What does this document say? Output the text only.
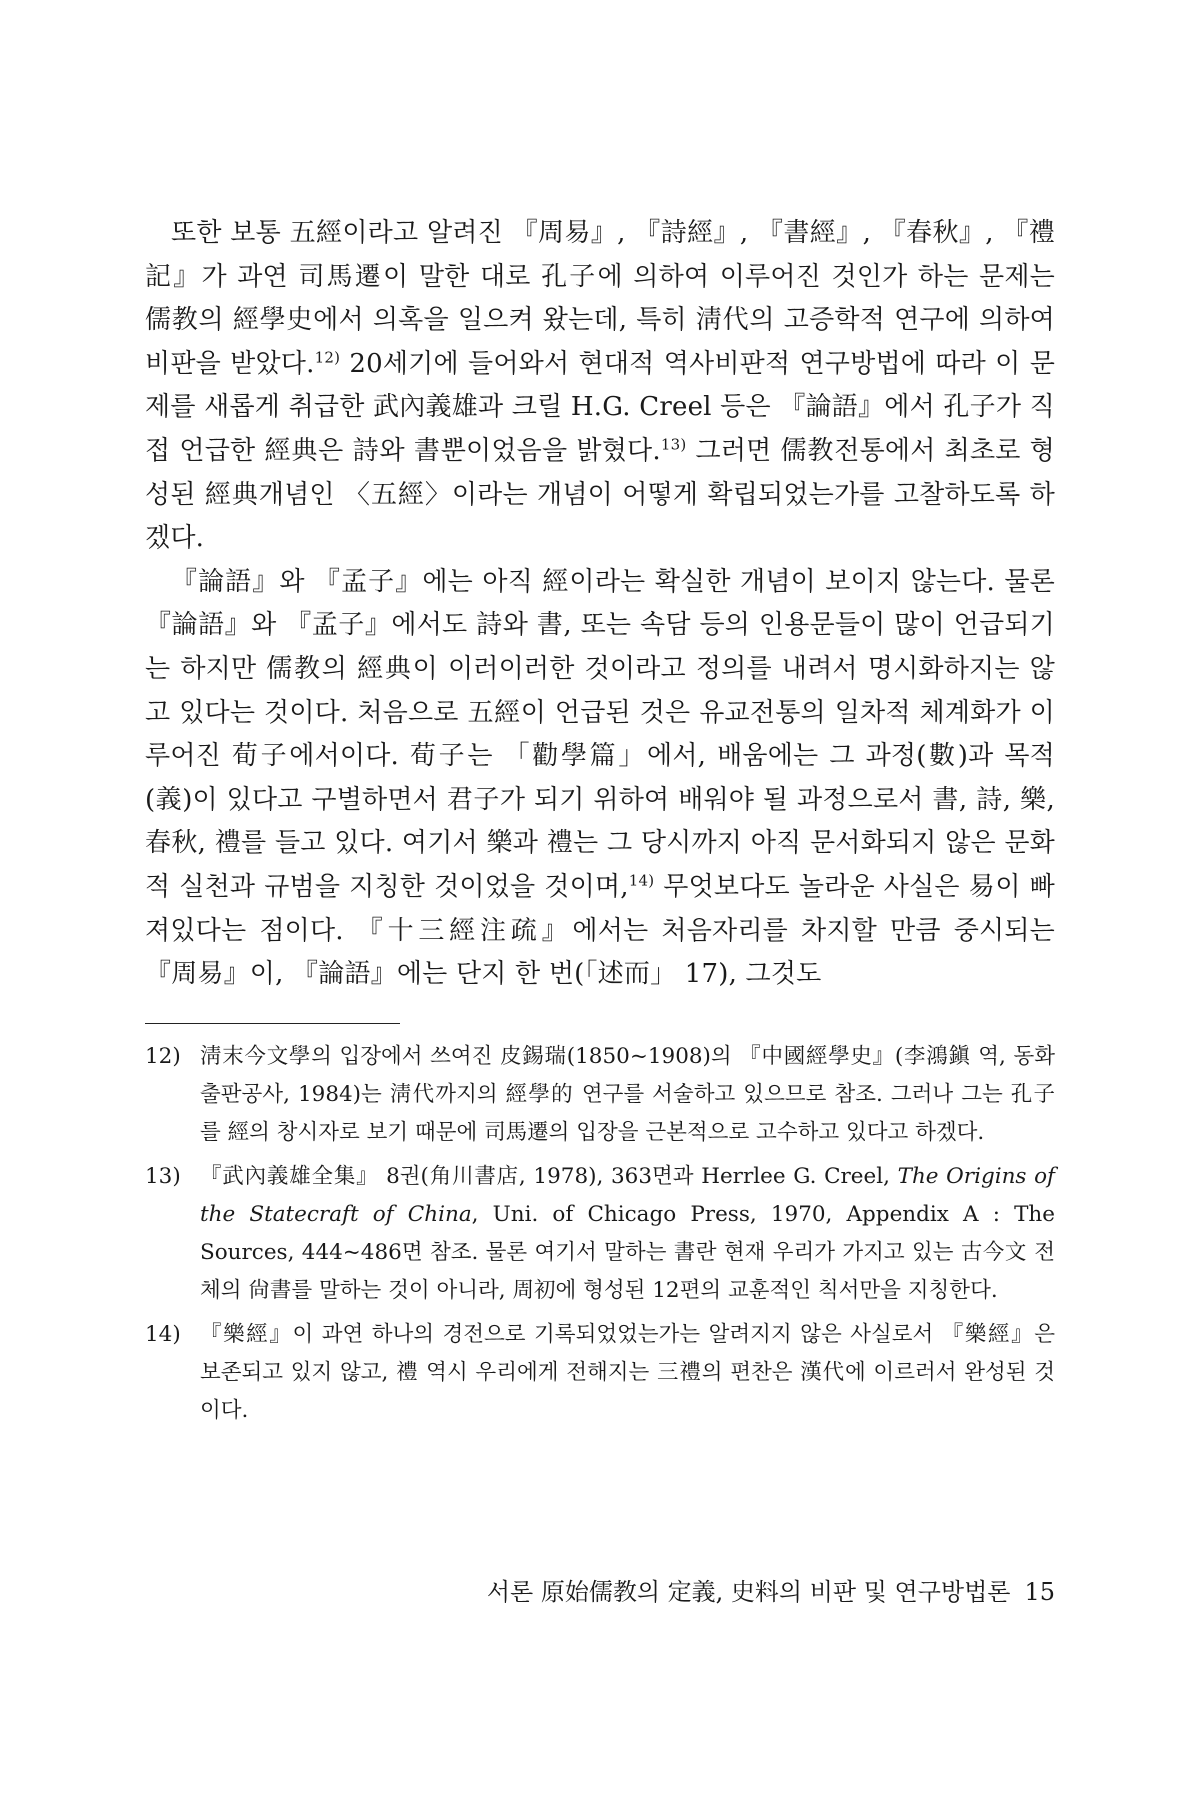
또한 보통 五經이라고 알려진 『周易』, 『詩經』, 『書經』, 『春秋』, 『禮記』가 과연 司馬遷이 말한 대로 孔子에 의하여 이루어진 것인가 하는 문제는 儒教의 經學史에서 의혹을 일으켜 왔는데, 특히 淸代의 고증학적 연구에 의하여 비판을 받았다.$^{12)}$ 20세기에 들어와서 현대적 역사비판적 연구방법에 따라 이 문제를 새롭게 취급한 武內義雄과 크릴 H.G. Creel 등은 『論語』에서 孔子가 직접 언급한 經典은 詩와 書뿐이었음을 밝혔다.$^{13)}$ 그러면 儒教전통에서 최초로 형성된 經典개념인 〈五經〉이라는 개념이 어떻게 확립되었는가를 고찰하도록 하겠다.

『論語』와 『孟子』에는 아직 經이라는 확실한 개념이 보이지 않는다. 물론 『論語』와 『孟子』에서도 詩와 書, 또는 속담 등의 인용문들이 많이 언급되기는 하지만 儒教의 經典이 이러이러한 것이라고 정의를 내려서 명시화하지는 않고 있다는 것이다. 처음으로 五經이 언급된 것은 유교전통의 일차적 체계화가 이루어진 荀子에서이다. 荀子는 「勸學篇」에서, 배움에는 그 과정(數)과 목적(義)이 있다고 구별하면서 君子가 되기 위하여 배워야 될 과정으로서 書, 詩, 樂, 春秋, 禮를 들고 있다. 여기서 樂과 禮는 그 당시까지 아직 문서화되지 않은 문화적 실천과 규범을 지칭한 것이었을 것이며,$^{14)}$ 무엇보다도 놀라운 사실은 易이 빠져있다는 점이다. 『十三經注疏』에서는 처음자리를 차지할 만큼 중시되는 『周易』이, 『論語』에는 단지 한 번(「述而」 17), 그것도

12) 淸末今文學의 입장에서 쓰여진 皮錫瑞(1850~1908)의 『中國經學史』(李鴻鎭 역, 동화출판공사, 1984)는 淸代까지의 經學的 연구를 서술하고 있으므로 참조. 그러나 그는 孔子를 經의 창시자로 보기 때문에 司馬遷의 입장을 근본적으로 고수하고 있다고 하겠다.
13) 『武內義雄全集』 8권(角川書店, 1978), 363면과 Herrlee G. Creel, The Origins of the Statecraft of China, Uni. of Chicago Press, 1970, Appendix A : The Sources, 444~486면 참조. 물론 여기서 말하는 書란 현재 우리가 가지고 있는 古今文 전체의 尙書를 말하는 것이 아니라, 周初에 형성된 12편의 교훈적인 칙서만을 지칭한다.
14) 『樂經』이 과연 하나의 경전으로 기록되었었는가는 알려지지 않은 사실로서 『樂經』은 보존되고 있지 않고, 禮 역시 우리에게 전해지는 三禮의 편찬은 漢代에 이르러서 완성된 것이다.
서론 原始儒教의 定義, 史料의 비판 및 연구방법론 15
